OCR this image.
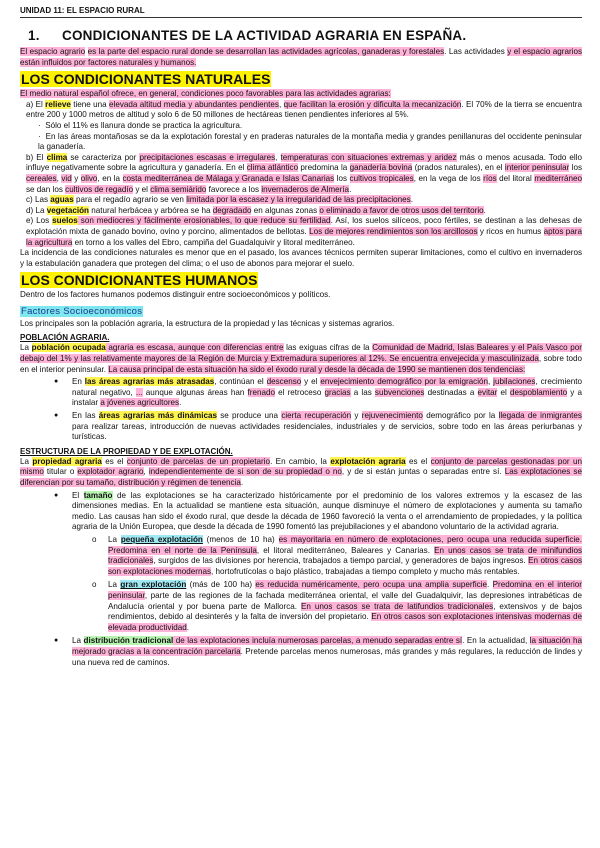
UNIDAD 11: EL ESPACIO RURAL
1. CONDICIONANTES DE LA ACTIVIDAD AGRARIA EN ESPAÑA.

El espacio agrario es la parte del espacio rural donde se desarrollan las actividades agrícolas, ganaderas y forestales. Las actividades y el espacio agrarios están influidos por factores naturales y humanos.

LOS CONDICIONANTES NATURALES

El medio natural español ofrece, en general, condiciones poco favorables para las actividades agrarias:

a) El relieve tiene una elevada altitud media y abundantes pendientes, que facilitan la erosión y dificulta la mecanización. El 70% de la tierra se encuentra entre 200 y 1000 metros de altitud y solo 6 de 50 millones de hectáreas tienen pendientes inferiores al 5%.

·  Sólo el 11% es llanura donde se practica la agricultura.

·  En las áreas montañosas se da la explotación forestal y en praderas naturales de la montaña media y grandes penillanuras del occidente peninsular la ganadería.

b) El clima se caracteriza por precipitaciones escasas e irregulares, temperaturas con situaciones extremas y aridez más o menos acusada. Todo ello influye negativamente sobre la agricultura y ganadería. En el clima atlántico predomina la ganadería bovina (prados naturales), en el interior peninsular los cereales, vid y olivo, en la costa mediterránea de Málaga y Granada e Islas Canarias los cultivos tropicales, en la vega de los ríos del litoral mediterráneo se dan los cultivos de regadío y el clima semiárido favorece a los invernaderos de Almería.

c) Las aguas para el regadío agrario se ven limitada por la escasez y la irregularidad de las precipitaciones.

d) La vegetación natural herbácea y arbórea se ha degradado en algunas zonas o eliminado a favor de otros usos del territorio.

e) Los suelos son mediocres y fácilmente erosionables, lo que reduce su fertilidad. Así, los suelos silíceos, poco fértiles, se destinan a las dehesas de explotación mixta de ganado bovino, ovino y porcino, alimentados de bellotas. Los de mejores rendimientos son los arcillosos y ricos en humus aptos para la agricultura en torno a los valles del Ebro, campiña del Guadalquivir y litoral mediterráneo.

La incidencia de las condiciones naturales es menor que en el pasado, los avances técnicos permiten superar limitaciones, como el cultivo en invernaderos y la estabulación ganadera que protegen del clima; o el uso de abonos para mejorar el suelo.

LOS CONDICIONANTES HUMANOS

Dentro de los factores humanos podemos distinguir entre socioeconómicos y políticos.

Factores Socioeconómicos

Los principales son la población agraria, la estructura de la propiedad y las técnicas y sistemas agrarios.

POBLACIÓN AGRARIA.

La población ocupada agraria es escasa, aunque con diferencias entre las exiguas cifras de la Comunidad de Madrid, Islas Baleares y el País Vasco por debajo del 1% y las relativamente mayores de la Región de Murcia y Extremadura superiores al 12%. Se encuentra envejecida y masculinizada, sobre todo en el interior peninsular. La causa principal de esta situación ha sido el éxodo rural y desde la década de 1990 se mantienen dos tendencias:

● En las áreas agrarias más atrasadas, continúan el descenso y el envejecimiento demográfico por la emigración, jubilaciones, crecimiento natural negativo, ... aunque algunas áreas han frenado el retroceso gracias a las subvenciones destinadas a evitar el despoblamiento y a instalar a jóvenes agricultores.
● En las áreas agrarias más dinámicas se produce una cierta recuperación y rejuvenecimiento demográfico por la llegada de inmigrantes para realizar tareas, introducción de nuevas actividades residenciales, industriales y de servicios, sobre todo en las áreas periurbanas y turísticas.
ESTRUCTURA DE LA PROPIEDAD Y DE EXPLOTACIÓN.

La propiedad agraria es el conjunto de parcelas de un propietario. En cambio, la explotación agraria es el conjunto de parcelas gestionadas por un mismo titular o explotador agrario, independientemente de si son de su propiedad o no, y de si están juntas o separadas entre sí. Las explotaciones se diferencian por su tamaño, distribución y régimen de tenencia.

● El tamaño de las explotaciones se ha caracterizado históricamente por el predominio de los valores extremos y la escasez de las dimensiones medias. En la actualidad se mantiene esta situación, aunque disminuye el número de explotaciones y aumenta su tamaño medio. Las causas han sido el éxodo rural, que desde la década de 1960 favoreció la venta o el arrendamiento de propiedades, y la política agraria de la Unión Europea, que desde la década de 1990 fomentó las prejubilaciones y el abandono voluntario de la actividad agraria.
o La pequeña explotación (menos de 10 ha) es mayoritaria en número de explotaciones, pero ocupa una reducida superficie. Predomina en el norte de la Península, el litoral mediterráneo, Baleares y Canarias. En unos casos se trata de minifundios tradicionales, surgidos de las divisiones por herencia, trabajados a tiempo parcial, y generadores de bajos ingresos. En otros casos son explotaciones modernas, hortofrutícolas o bajo plástico, trabajadas a tiempo completo y mucho más rentables.
o La gran explotación (más de 100 ha) es reducida numéricamente, pero ocupa una amplia superficie. Predomina en el interior peninsular, parte de las regiones de la fachada mediterránea oriental, el valle del Guadalquivir, las depresiones intrabéticas de Andalucía oriental y por buena parte de Mallorca. En unos casos se trata de latifundios tradicionales, extensivos y de bajos rendimientos, debido al desinterés y la falta de inversión del propietario. En otros casos son explotaciones intensivas modernas de elevada productividad.
● La distribución tradicional de las explotaciones incluía numerosas parcelas, a menudo separadas entre sí. En la actualidad, la situación ha mejorado gracias a la concentración parcelaria. Pretende parcelas menos numerosas, más grandes y más regulares, la reducción de lindes y una nueva red de caminos.
